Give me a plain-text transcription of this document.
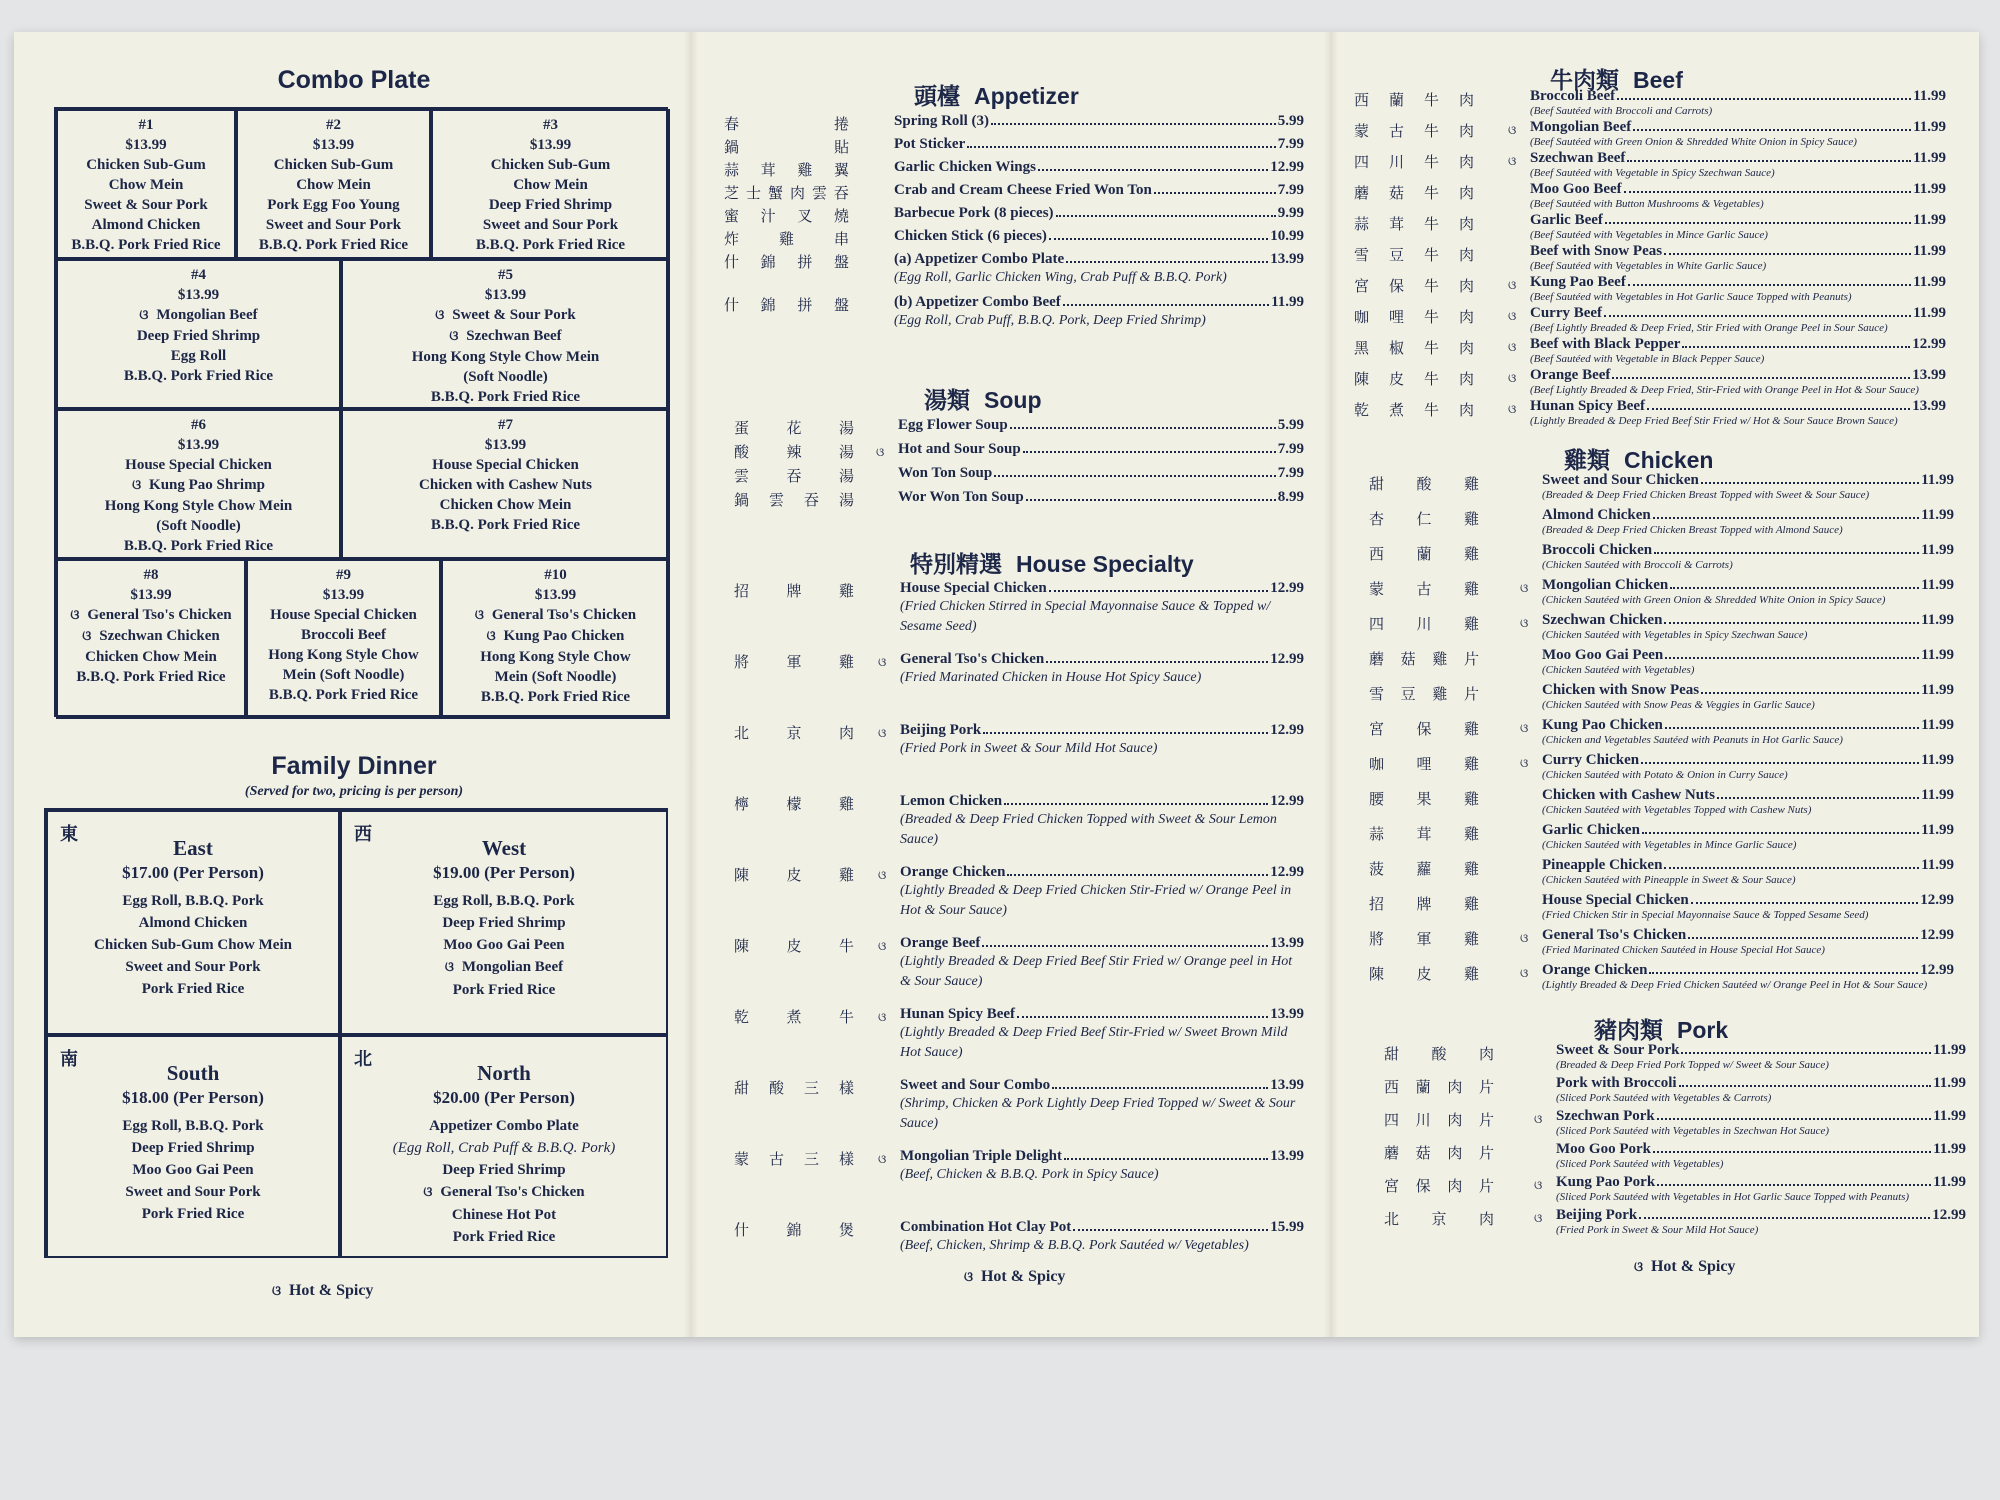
Combo Plate
#1
$13.99
Chicken Sub-Gum
Chow Mein
Sweet & Sour Pork
Almond Chicken
B.B.Q. Pork Fried Rice
#2
$13.99
Chicken Sub-Gum
Chow Mein
Pork Egg Foo Young
Sweet and Sour Pork
B.B.Q. Pork Fried Rice
#3
$13.99
Chicken Sub-Gum
Chow Mein
Deep Fried Shrimp
Sweet and Sour Pork
B.B.Q. Pork Fried Rice
#4
$13.99
ଓ Mongolian Beef
Deep Fried Shrimp
Egg Roll
B.B.Q. Pork Fried Rice
#5
$13.99
ଓ Sweet & Sour Pork
ଓ Szechwan Beef
Hong Kong Style Chow Mein
(Soft Noodle)
B.B.Q. Pork Fried Rice
#6
$13.99
House Special Chicken
ଓ Kung Pao Shrimp
Hong Kong Style Chow Mein
(Soft Noodle)
B.B.Q. Pork Fried Rice
#7
$13.99
House Special Chicken
Chicken with Cashew Nuts
Chicken Chow Mein
B.B.Q. Pork Fried Rice
#8
$13.99
ଓ General Tso's Chicken
ଓ Szechwan Chicken
Chicken Chow Mein
B.B.Q. Pork Fried Rice
#9
$13.99
House Special Chicken
Broccoli Beef
Hong Kong Style Chow
Mein (Soft Noodle)
B.B.Q. Pork Fried Rice
#10
$13.99
ଓ General Tso's Chicken
ଓ Kung Pao Chicken
Hong Kong Style Chow
Mein (Soft Noodle)
B.B.Q. Pork Fried Rice
Family Dinner
(Served for two, pricing is per person)
東
East
$17.00 (Per Person)
Egg Roll, B.B.Q. Pork
Almond Chicken
Chicken Sub-Gum Chow Mein
Sweet and Sour Pork
Pork Fried Rice
西
West
$19.00 (Per Person)
Egg Roll, B.B.Q. Pork
Deep Fried Shrimp
Moo Goo Gai Peen
ଓ Mongolian Beef
Pork Fried Rice
南
South
$18.00 (Per Person)
Egg Roll, B.B.Q. Pork
Deep Fried Shrimp
Moo Goo Gai Peen
Sweet and Sour Pork
Pork Fried Rice
北
North
$20.00 (Per Person)
Appetizer Combo Plate
(Egg Roll, Crab Puff & B.B.Q. Pork)
Deep Fried Shrimp
ଓ General Tso's Chicken
Chinese Hot Pot
Pork Fried Rice
ଓ Hot & Spicy
頭檯 Appetizer
春	捲	Spring Roll (3)	5.99
鍋	貼	Pot Sticker	7.99
蒜 茸 雞 翼	Garlic Chicken Wings	12.99
芝 士 蟹 肉 雲 吞	Crab and Cream Cheese Fried Won Ton	7.99
蜜 汁 叉 燒	Barbecue Pork (8 pieces)	9.99
炸	雞	串	Chicken Stick (6 pieces)	10.99
什 錦 拼 盤	(a) Appetizer Combo Plate	13.99
(Egg Roll, Garlic Chicken Wing, Crab Puff & B.B.Q. Pork)
什 錦 拼 盤	(b) Appetizer Combo Beef	11.99
(Egg Roll, Crab Puff, B.B.Q. Pork, Deep Fried Shrimp)
湯類 Soup
蛋 花 湯	Egg Flower Soup	5.99
酸 辣 湯 ଓ Hot and Sour Soup	7.99
雲 吞 湯	Won Ton Soup	7.99
鍋 雲 吞 湯	Wor Won Ton Soup	8.99
特別精選 House Specialty
招 牌 雞	House Special Chicken	12.99
(Fried Chicken Stirred in Special Mayonnaise Sauce & Topped w/ Sesame Seed)
將 軍 雞 ଓ General Tso's Chicken	12.99
(Fried Marinated Chicken in House Hot Spicy Sauce)
北 京 肉 ଓ Beijing Pork	12.99
(Fried Pork in Sweet & Sour Mild Hot Sauce)
檸 檬 雞	Lemon Chicken	12.99
(Breaded & Deep Fried Chicken Topped with Sweet & Sour Lemon Sauce)
陳 皮 雞 ଓ Orange Chicken	12.99
(Lightly Breaded & Deep Fried Chicken Stir-Fried w/ Orange Peel in Hot & Sour Sauce)
陳 皮 牛 ଓ Orange Beef	13.99
(Lightly Breaded & Deep Fried Beef Stir Fried w/ Orange peel in Hot & Sour Sauce)
乾 煮 牛 ଓ Hunan Spicy Beef	13.99
(Lightly Breaded & Deep Fried Beef Stir-Fried w/ Sweet Brown Mild Hot Sauce)
甜 酸 三 樣	Sweet and Sour Combo	13.99
(Shrimp, Chicken & Pork Lightly Deep Fried Topped w/ Sweet & Sour Sauce)
蒙 古 三 樣 ଓ Mongolian Triple Delight	13.99
(Beef, Chicken & B.B.Q. Pork in Spicy Sauce)
什 錦 煲	Combination Hot Clay Pot	15.99
(Beef, Chicken, Shrimp & B.B.Q. Pork Sautéed w/ Vegetables)
ଓ Hot & Spicy
牛肉類 Beef
西 蘭 牛 肉	Broccoli Beef	11.99
(Beef Sautéed with Broccoli and Carrots)
蒙 古 牛 肉	ଓ Mongolian Beef	11.99
(Beef Sautéed with Green Onion & Shredded White Onion in Spicy Sauce)
四 川 牛 肉	ଓ Szechwan Beef	11.99
(Beef Sautéed with Vegetable in Spicy Szechwan Sauce)
蘑 菇 牛 肉	Moo Goo Beef	11.99
(Beef Sautéed with Button Mushrooms & Vegetables)
蒜 茸 牛 肉	Garlic Beef	11.99
(Beef Sautéed with Vegetables in Mince Garlic Sauce)
雪 豆 牛 肉	Beef with Snow Peas	11.99
(Beef Sautéed with Vegetables in White Garlic Sauce)
宮 保 牛 肉	ଓ Kung Pao Beef	11.99
(Beef Sautéed with Vegetables in Hot Garlic Sauce Topped with Peanuts)
咖 哩 牛 肉	ଓ Curry Beef	11.99
(Beef Lightly Breaded & Deep Fried, Stir Fried with Orange Peel in Sour Sauce)
黑 椒 牛 肉	ଓ Beef with Black Pepper	12.99
(Beef Sautéed with Vegetable in Black Pepper Sauce)
陳 皮 牛 肉	ଓ Orange Beef	13.99
(Beef Lightly Breaded & Deep Fried, Stir-Fried with Orange Peel in Hot & Sour Sauce)
乾 煮 牛 肉	ଓ Hunan Spicy Beef	13.99
(Lightly Breaded & Deep Fried Beef Stir Fried w/ Hot & Sour Sauce Brown Sauce)
雞類 Chicken
甜 酸 雞	Sweet and Sour Chicken	11.99
(Breaded & Deep Fried Chicken Breast Topped with Sweet & Sour Sauce)
杏 仁 雞	Almond Chicken	11.99
(Breaded & Deep Fried Chicken Breast Topped with Almond Sauce)
西 蘭 雞	Broccoli Chicken	11.99
(Chicken Sautéed with Broccoli & Carrots)
蒙 古 雞	ଓ Mongolian Chicken	11.99
(Chicken Sautéed with Green Onion & Shredded White Onion in Spicy Sauce)
四 川 雞	ଓ Szechwan Chicken	11.99
(Chicken Sautéed with Vegetables in Spicy Szechwan Sauce)
蘑 菇 雞 片	Moo Goo Gai Peen	11.99
(Chicken Sautéed with Vegetables)
雪 豆 雞 片	Chicken with Snow Peas	11.99
(Chicken Sautéed with Snow Peas & Veggies in Garlic Sauce)
宮 保 雞	ଓ Kung Pao Chicken	11.99
(Chicken and Vegetables Sautéed with Peanuts in Hot Garlic Sauce)
咖 哩 雞	ଓ Curry Chicken	11.99
(Chicken Sautéed with Potato & Onion in Curry Sauce)
腰 果 雞	Chicken with Cashew Nuts	11.99
(Chicken Sautéed with Vegetables Topped with Cashew Nuts)
蒜 茸 雞	Garlic Chicken	11.99
(Chicken Sautéed with Vegetables in Mince Garlic Sauce)
菠 蘿 雞	Pineapple Chicken	11.99
(Chicken Sautéed with Pineapple in Sweet & Sour Sauce)
招 牌 雞	House Special Chicken	12.99
(Fried Chicken Stir in Special Mayonnaise Sauce & Topped Sesame Seed)
將 軍 雞	ଓ General Tso's Chicken	12.99
(Fried Marinated Chicken Sautéed in House Special Hot Sauce)
陳 皮 雞	ଓ Orange Chicken	12.99
(Lightly Breaded & Deep Fried Chicken Sautéed w/ Orange Peel in Hot & Sour Sauce)
豬肉類 Pork
甜 酸 肉	Sweet & Sour Pork	11.99
(Breaded & Deep Fried Pork Topped w/ Sweet & Sour Sauce)
西 蘭 肉 片	Pork with Broccoli	11.99
(Sliced Pork Sautéed with Vegetables & Carrots)
四 川 肉 片	ଓ Szechwan Pork	11.99
(Sliced Pork Sautéed with Vegetables in Szechwan Hot Sauce)
蘑 菇 肉 片	Moo Goo Pork	11.99
(Sliced Pork Sautéed with Vegetables)
宮 保 肉 片	ଓ Kung Pao Pork	11.99
(Sliced Pork Sautéed with Vegetables in Hot Garlic Sauce Topped with Peanuts)
北 京 肉	ଓ Beijing Pork	12.99
(Fried Pork in Sweet & Sour Mild Hot Sauce)
ଓ Hot & Spicy
